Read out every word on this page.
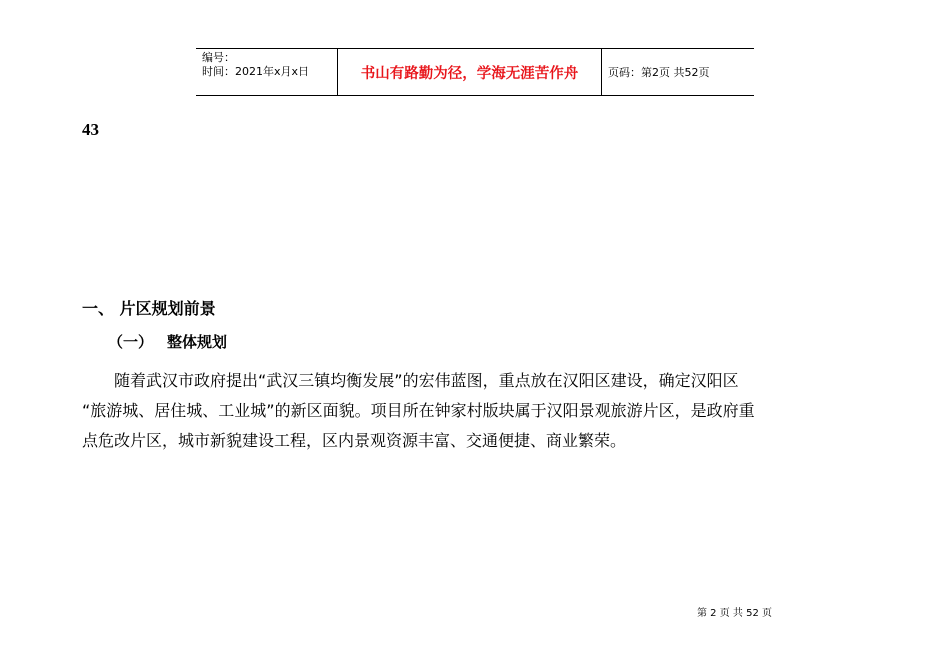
编号：
时间：2021年x月x日	书山有路勤为径，学海无涯苦作舟	页码：第2页 共52页
43
一、 片区规划前景
（一） 整体规划
　　随着武汉市政府提出“武汉三镇均衡发展”的宏伟蓝图，重点放在汉阳区建设，确定汉阳区
“旅游城、居住城、工业城”的新区面貌。项目所在钟家村版块属于汉阳景观旅游片区，是政府重
点危改片区，城市新貌建设工程，区内景观资源丰富、交通便捷、商业繁荣。
第 2 页 共 52 页
